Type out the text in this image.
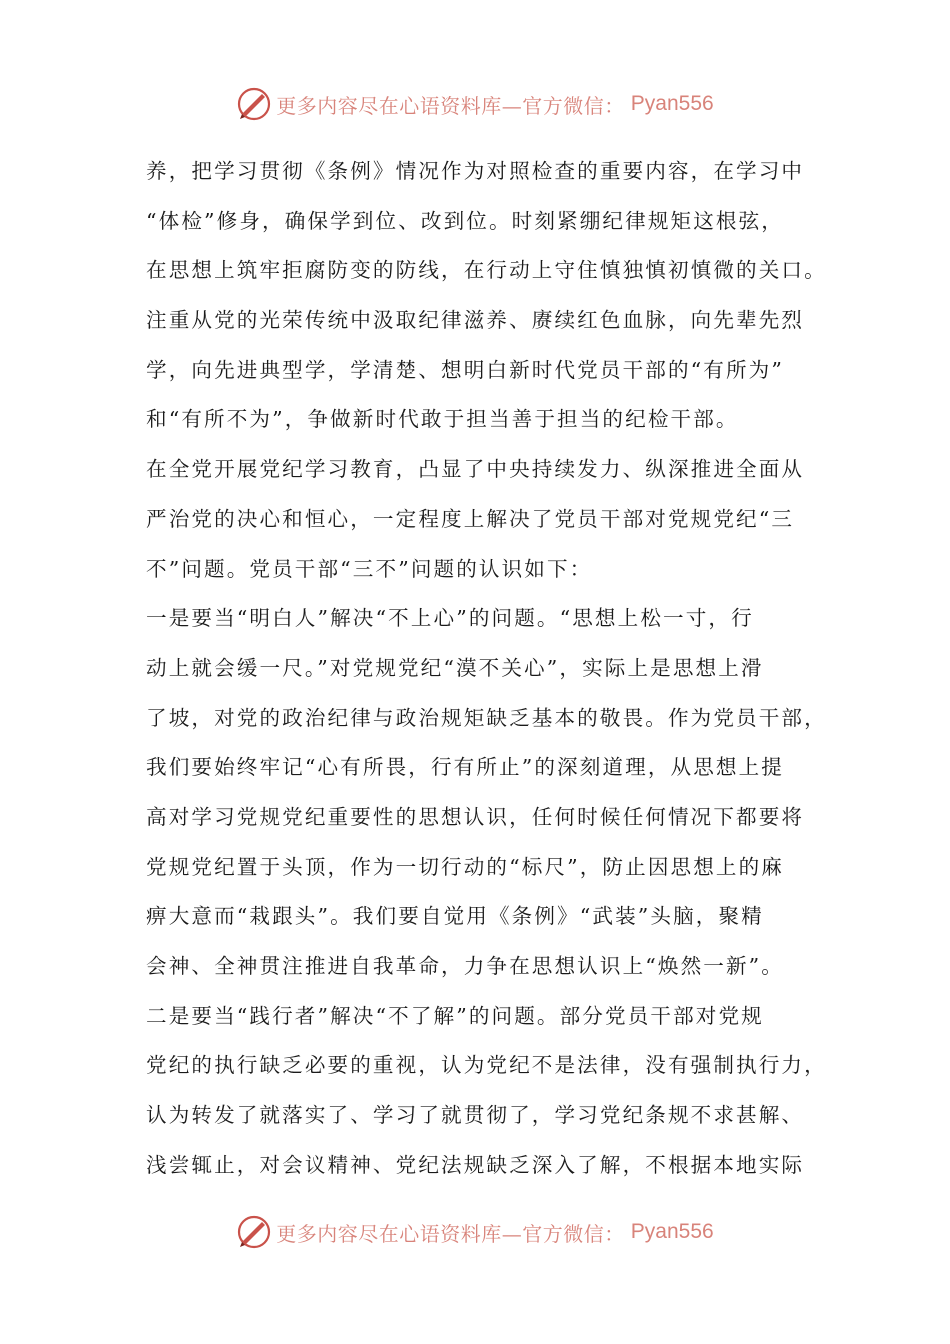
更多内容尽在心语资料库—官方微信： Pyan556
养，把学习贯彻《条例》情况作为对照检查的重要内容，在学习中
“体检”修身，确保学到位、改到位。时刻紧绷纪律规矩这根弦，
在思想上筑牢拒腐防变的防线，在行动上守住慎独慎初慎微的关口。
注重从党的光荣传统中汲取纪律滋养、赓续红色血脉，向先辈先烈
学，向先进典型学，学清楚、想明白新时代党员干部的“有所为”
和“有所不为”，争做新时代敢于担当善于担当的纪检干部。
在全党开展党纪学习教育，凸显了中央持续发力、纵深推进全面从
严治党的决心和恒心，一定程度上解决了党员干部对党规党纪“三
不”问题。党员干部“三不”问题的认识如下：
一是要当“明白人”解决“不上心”的问题。“思想上松一寸，行
动上就会缓一尺。”对党规党纪“漠不关心”，实际上是思想上滑
了坡，对党的政治纪律与政治规矩缺乏基本的敬畏。作为党员干部，
我们要始终牢记“心有所畏，行有所止”的深刻道理，从思想上提
高对学习党规党纪重要性的思想认识，任何时候任何情况下都要将
党规党纪置于头顶，作为一切行动的“标尺”，防止因思想上的麻
痹大意而“栽跟头”。我们要自觉用《条例》“武装”头脑，聚精
会神、全神贯注推进自我革命，力争在思想认识上“焕然一新”。
二是要当“践行者”解决“不了解”的问题。部分党员干部对党规
党纪的执行缺乏必要的重视，认为党纪不是法律，没有强制执行力，
认为转发了就落实了、学习了就贯彻了，学习党纪条规不求甚解、
浅尝辄止，对会议精神、党纪法规缺乏深入了解，不根据本地实际
更多内容尽在心语资料库—官方微信： Pyan556
